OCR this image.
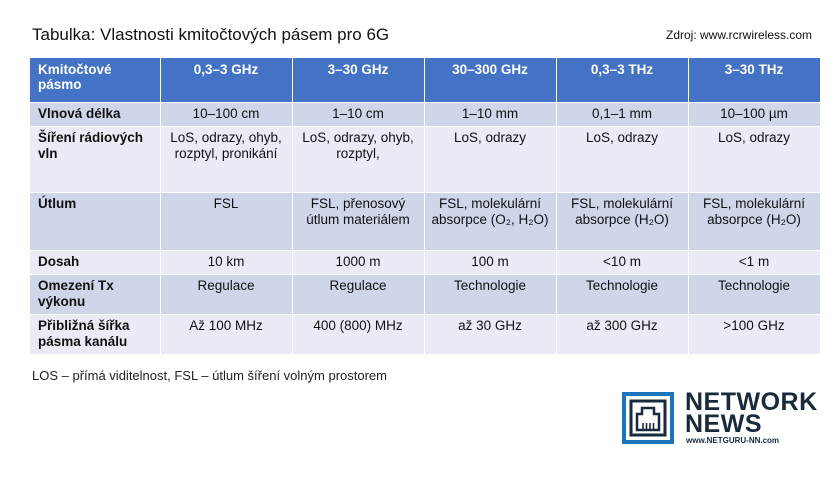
Tabulka: Vlastnosti kmitočtových pásem pro 6G	Zdroj: www.rcrwireless.com
Kmitočtové pásmo	0,3–3 GHz	3–30 GHz	30–300 GHz	0,3–3 THz	3–30 THz
Vlnová délka	10–100 cm	1–10 cm	1–10 mm	0,1–1 mm	10–100 µm
Šíření rádiových vln	LoS, odrazy, ohyb, rozptyl, pronikání	LoS, odrazy, ohyb, rozptyl,	LoS, odrazy	LoS, odrazy	LoS, odrazy
Útlum	FSL	FSL, přenosový útlum materiálem	FSL, molekulární absorpce (O₂, H₂O)	FSL, molekulární absorpce (H₂O)	FSL, molekulární absorpce (H₂O)
Dosah	10 km	1000 m	100 m	<10 m	<1 m
Omezení Tx výkonu	Regulace	Regulace	Technologie	Technologie	Technologie
Přibližná šířka pásma kanálu	Až 100 MHz	400 (800) MHz	až 30 GHz	až 300 GHz	>100 GHz
LOS – přímá viditelnost, FSL – útlum šíření volným prostorem
NETWORK
NEWS
www.NETGURU-NN.com
